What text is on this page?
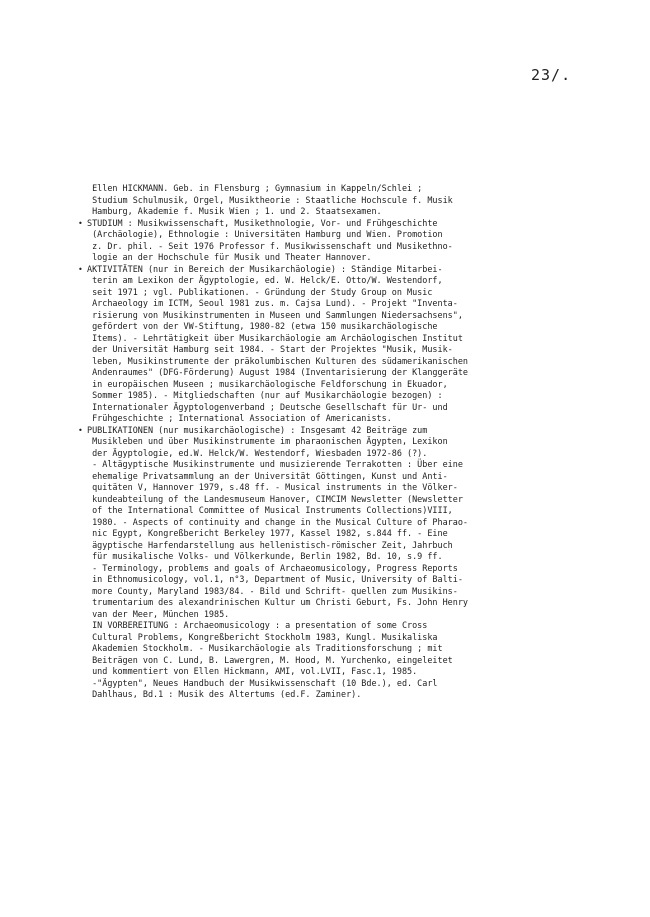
23/.
Ellen HICKMANN. Geb. in Flensburg ; Gymnasium in Kappeln/Schlei ;
Studium Schulmusik, Orgel, Musiktheorie : Staatliche Hochscule f. Musik
Hamburg, Akademie f. Musik Wien ; 1. und 2. Staatsexamen.
• STUDIUM : Musikwissenschaft, Musikethnologie, Vor- und Frühgeschichte
(Archäologie), Ethnologie : Universitäten Hamburg und Wien. Promotion
z. Dr. phil. - Seit 1976 Professor f. Musikwissenschaft und Musikethno-
logie an der Hochschule für Musik und Theater Hannover.
• AKTIVITÄTEN (nur in Bereich der Musikarchäologie) : Ständige Mitarbei-
terin am Lexikon der Ägyptologie, ed. W. Helck/E. Otto/W. Westendorf,
seit 1971 ; vgl. Publikationen. - Gründung der Study Group on Music
Archaeology im ICTM, Seoul 1981 zus. m. Cajsa Lund). - Projekt "Inventa-
risierung von Musikinstrumenten in Museen und Sammlungen Niedersachsens",
gefördert von der VW-Stiftung, 1980-82 (etwa 150 musikarchäologische
Items). - Lehrtätigkeit über Musikarchäologie am Archäologischen Institut
der Universität Hamburg seit 1984. - Start der Projektes "Musik, Musik-
leben, Musikinstrumente der präkolumbischen Kulturen des südamerikanischen
Andenraumes" (DFG-Förderung) August 1984 (Inventarisierung der Klanggeräte
in europäischen Museen ; musikarchäologische Feldforschung in Ekuador,
Sommer 1985). - Mitgliedschaften (nur auf Musikarchäologie bezogen) :
Internationaler Ägyptologenverband ; Deutsche Gesellschaft für Ur- und
Frühgeschichte ; International Association of Americanists.
• PUBLIKATIONEN (nur musikarchäologische) : Insgesamt 42 Beiträge zum
Musikleben und über Musikinstrumente im pharaonischen Ägypten, Lexikon
der Ägyptologie, ed.W. Helck/W. Westendorf, Wiesbaden 1972-86 (?).
- Altägyptische Musikinstrumente und musizierende Terrakotten : Über eine
ehemalige Privatsammlung an der Universität Göttingen, Kunst und Anti-
quitäten V, Hannover 1979, s.48 ff. - Musical instruments in the Völker-
kundeabteilung of the Landesmuseum Hanover, CIMCIM Newsletter (Newsletter
of the International Committee of Musical Instruments Collections)VIII,
1980. - Aspects of continuity and change in the Musical Culture of Pharao-
nic Egypt, Kongreßbericht Berkeley 1977, Kassel 1982, s.844 ff. - Eine
ägyptische Harfendarstellung aus hellenistisch-römischer Zeit, Jahrbuch
für musikalische Volks- und Völkerkunde, Berlin 1982, Bd. 10, s.9 ff.
- Terminology, problems and goals of Archaeomusicology, Progress Reports
in Ethnomusicology, vol.1, n°3, Department of Music, University of Balti-
more County, Maryland 1983/84. - Bild und Schrift- quellen zum Musikins-
trumentarium des alexandrinischen Kultur um Christi Geburt, Fs. John Henry
van der Meer, München 1985.
IN VORBEREITUNG : Archaeomusicology : a presentation of some Cross
Cultural Problems, Kongreßbericht Stockholm 1983, Kungl. Musikaliska
Akademien Stockholm. - Musikarchäologie als Traditionsforschung ; mit
Beiträgen von C. Lund, B. Lawergren, M. Hood, M. Yurchenko, eingeleitet
und kommentiert von Ellen Hickmann, AMI, vol.LVII, Fasc.1, 1985.
-"Ägypten", Neues Handbuch der Musikwissenschaft (10 Bde.), ed. Carl
Dahlhaus, Bd.1 : Musik des Altertums (ed.F. Zaminer).
